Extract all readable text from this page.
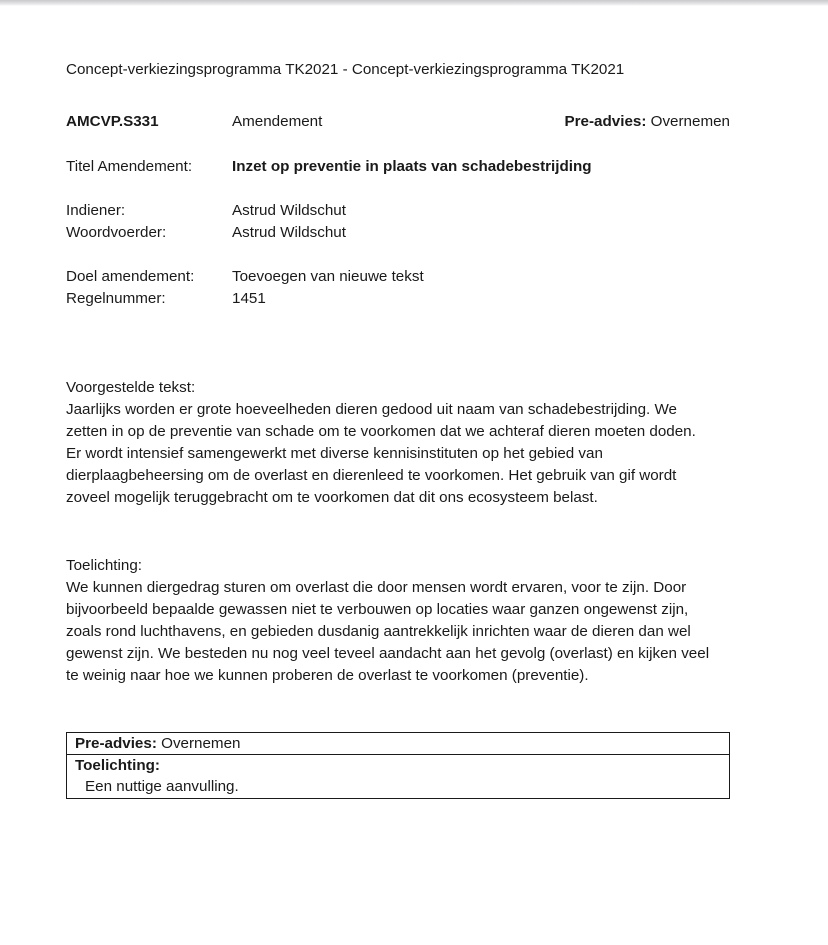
Concept-verkiezingsprogramma TK2021 - Concept-verkiezingsprogramma TK2021
AMCVP.S331	Amendement	Pre-advies: Overnemen
Titel Amendement:	Inzet op preventie in plaats van schadebestrijding
Indiener:	Astrud Wildschut
Woordvoerder:	Astrud Wildschut
Doel amendement: Toevoegen van nieuwe tekst
Regelnummer:	1451

Voorgestelde tekst:

Jaarlijks worden er grote hoeveelheden dieren gedood uit naam van schadebestrijding. We

zetten in op de preventie van schade om te voorkomen dat we achteraf dieren moeten doden.

Er wordt intensief samengewerkt met diverse kennisinstituten op het gebied van

dierplaagbeheersing om de overlast en dierenleed te voorkomen. Het gebruik van gif wordt

zoveel mogelijk teruggebracht om te voorkomen dat dit ons ecosysteem belast.

Toelichting:

We kunnen diergedrag sturen om overlast die door mensen wordt ervaren, voor te zijn. Door

bijvoorbeeld bepaalde gewassen niet te verbouwen op locaties waar ganzen ongewenst zijn,

zoals rond luchthavens, en gebieden dusdanig aantrekkelijk inrichten waar de dieren dan wel

gewenst zijn. We besteden nu nog veel teveel aandacht aan het gevolg (overlast) en kijken veel

te weinig naar hoe we kunnen proberen de overlast te voorkomen (preventie).

Pre-advies: Overnemen
Toelichting:
Een nuttige aanvulling.
